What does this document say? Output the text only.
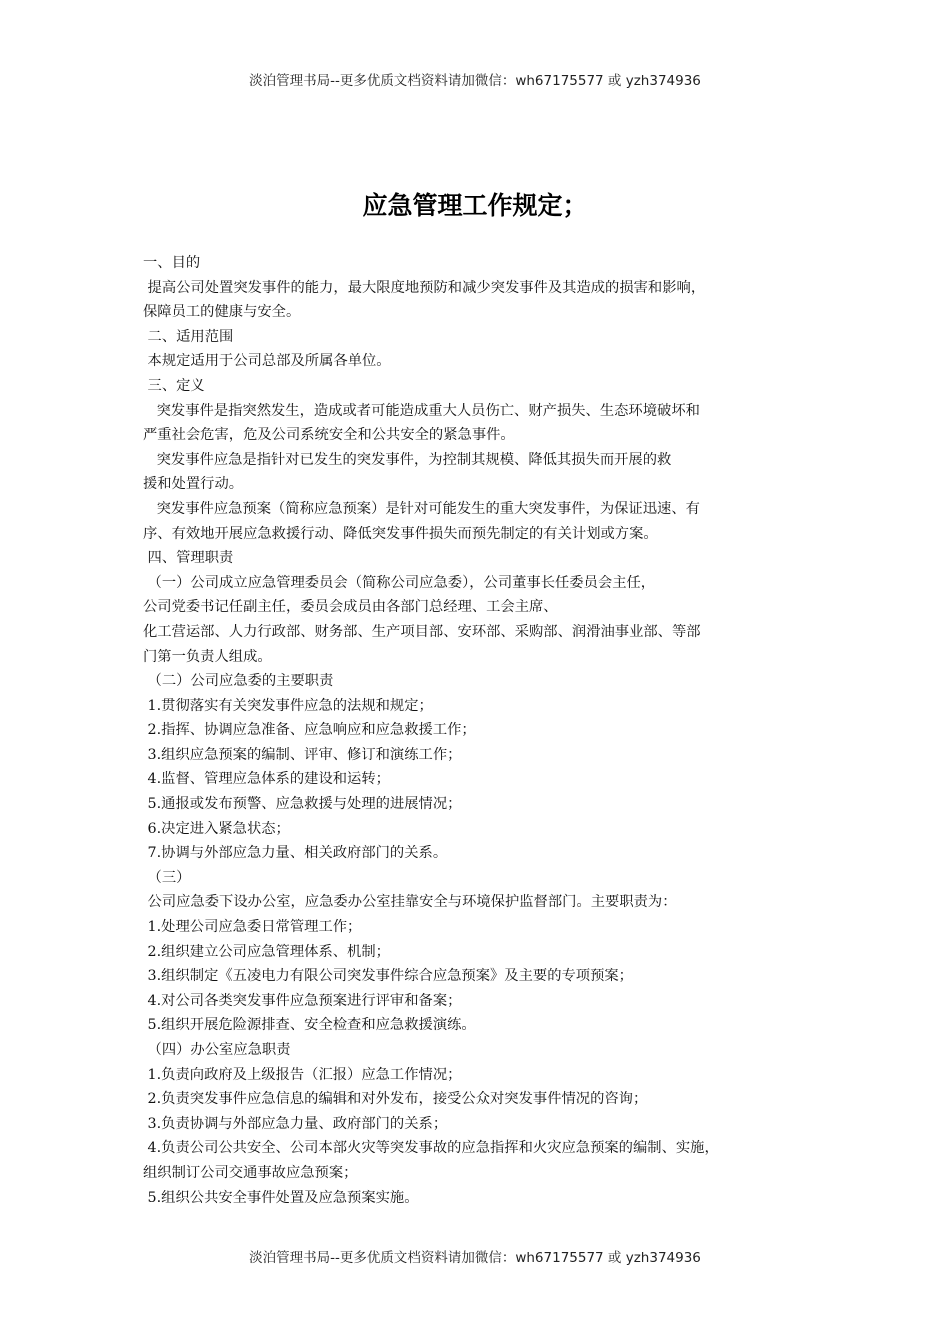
淡泊管理书局--更多优质文档资料请加微信：wh67175577 或 yzh374936
应急管理工作规定；
一、目的
提高公司处置突发事件的能力，最大限度地预防和减少突发事件及其造成的损害和影响，
保障员工的健康与安全。
二、适用范围
本规定适用于公司总部及所属各单位。
三、定义
突发事件是指突然发生，造成或者可能造成重大人员伤亡、财产损失、生态环境破坏和
严重社会危害，危及公司系统安全和公共安全的紧急事件。
突发事件应急是指针对已发生的突发事件，为控制其规模、降低其损失而开展的救
援和处置行动。
突发事件应急预案（简称应急预案）是针对可能发生的重大突发事件，为保证迅速、有
序、有效地开展应急救援行动、降低突发事件损失而预先制定的有关计划或方案。
四、管理职责
（一）公司成立应急管理委员会（简称公司应急委），公司董事长任委员会主任，
公司党委书记任副主任，委员会成员由各部门总经理、工会主席、
化工营运部、人力行政部、财务部、生产项目部、安环部、采购部、润滑油事业部、等部
门第一负责人组成。
（二）公司应急委的主要职责
1.贯彻落实有关突发事件应急的法规和规定；
2.指挥、协调应急准备、应急响应和应急救援工作；
3.组织应急预案的编制、评审、修订和演练工作；
4.监督、管理应急体系的建设和运转；
5.通报或发布预警、应急救援与处理的进展情况；
6.决定进入紧急状态；
7.协调与外部应急力量、相关政府部门的关系。
（三）
公司应急委下设办公室，应急委办公室挂靠安全与环境保护监督部门。主要职责为：
1.处理公司应急委日常管理工作；
2.组织建立公司应急管理体系、机制；
3.组织制定《五凌电力有限公司突发事件综合应急预案》及主要的专项预案；
4.对公司各类突发事件应急预案进行评审和备案；
5.组织开展危险源排查、安全检查和应急救援演练。
（四）办公室应急职责
1.负责向政府及上级报告（汇报）应急工作情况；
2.负责突发事件应急信息的编辑和对外发布，接受公众对突发事件情况的咨询；
3.负责协调与外部应急力量、政府部门的关系；
4.负责公司公共安全、公司本部火灾等突发事故的应急指挥和火灾应急预案的编制、实施，
组织制订公司交通事故应急预案；
5.组织公共安全事件处置及应急预案实施。
淡泊管理书局--更多优质文档资料请加微信：wh67175577 或 yzh374936
